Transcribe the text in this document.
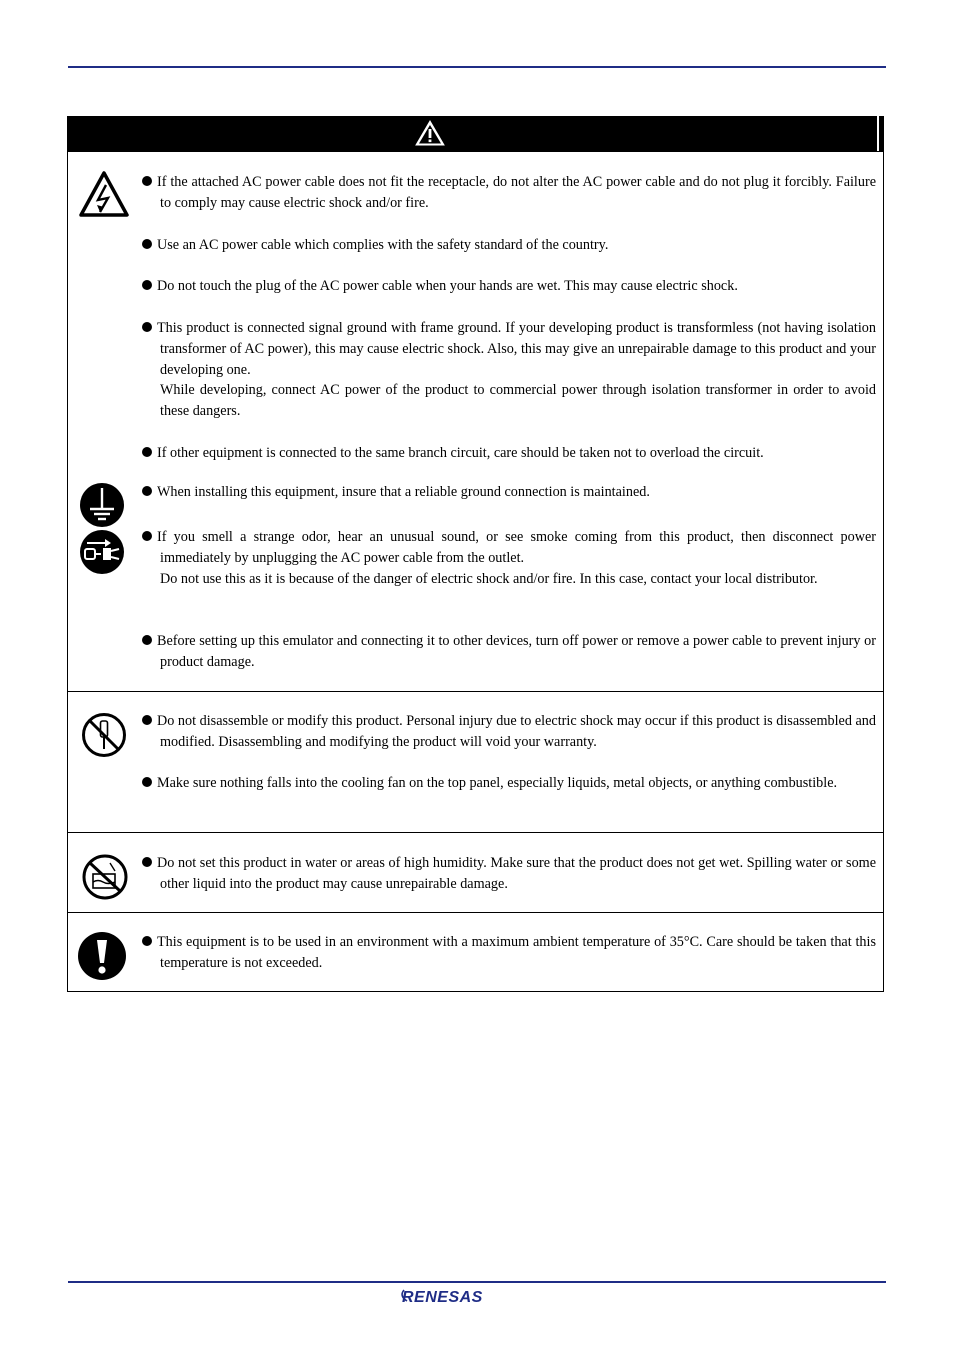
If the attached AC power cable does not fit the receptacle, do not alter the AC power cable and do not plug it forcibly. Failure to comply may cause electric shock and/or fire.
Use an AC power cable which complies with the safety standard of the country.
Do not touch the plug of the AC power cable when your hands are wet. This may cause electric shock.
This product is connected signal ground with frame ground. If your developing product is transformless (not having isolation transformer of AC power), this may cause electric shock. Also, this may give an unrepairable damage to this product and your developing one.
While developing, connect AC power of the product to commercial power through isolation transformer in order to avoid these dangers.
If other equipment is connected to the same branch circuit, care should be taken not to overload the circuit.
When installing this equipment, insure that a reliable ground connection is maintained.
If you smell a strange odor, hear an unusual sound, or see smoke coming from this product, then disconnect power immediately by unplugging the AC power cable from the outlet.
Do not use this as it is because of the danger of electric shock and/or fire. In this case, contact your local distributor.
Before setting up this emulator and connecting it to other devices, turn off power or remove a power cable to prevent injury or product damage.
Do not disassemble or modify this product. Personal injury due to electric shock may occur if this product is disassembled and modified. Disassembling and modifying the product will void your warranty.
Make sure nothing falls into the cooling fan on the top panel, especially liquids, metal objects, or anything combustible.
Do not set this product in water or areas of high humidity. Make sure that the product does not get wet. Spilling water or some other liquid into the product may cause unrepairable damage.
This equipment is to be used in an environment with a maximum ambient temperature of 35°C. Care should be taken that this temperature is not exceeded.
RENESAS
